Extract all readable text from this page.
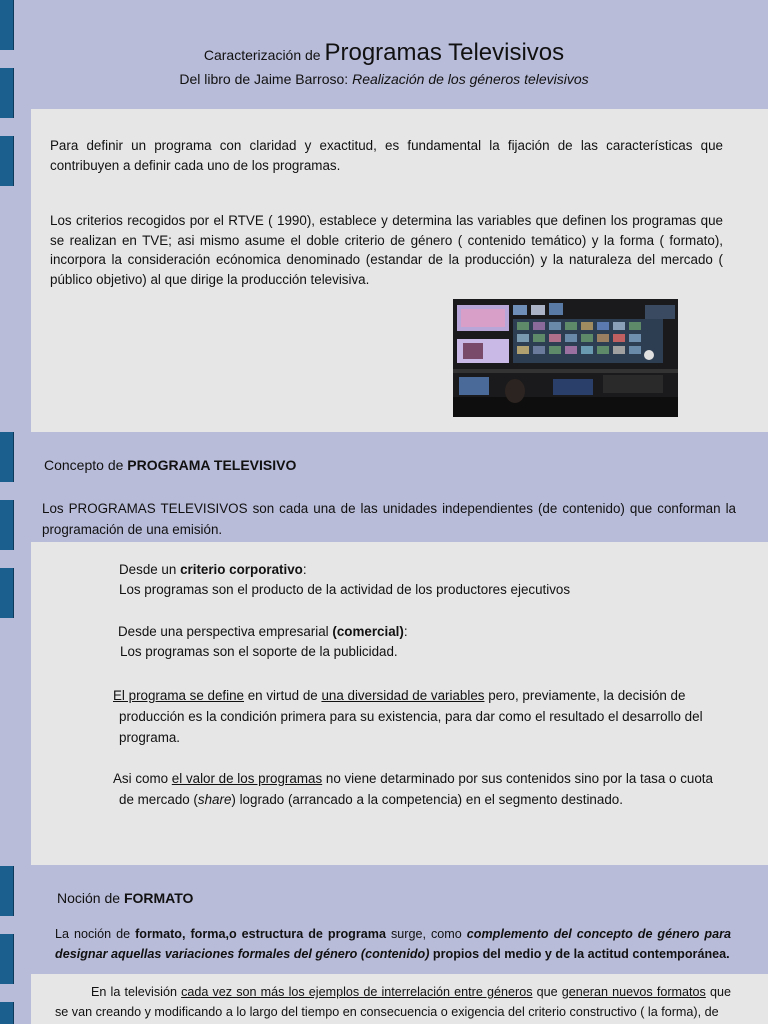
Caracterización de Programas Televisivos
Del libro de Jaime Barroso: Realización de los géneros televisivos
Para definir un programa con claridad y exactitud, es fundamental la fijación de las características que contribuyen a definir cada uno de los programas.
Los criterios recogidos por el RTVE ( 1990), establece y determina las variables que definen los programas que se realizan en TVE; asi mismo asume el doble criterio de género ( contenido temático) y la forma ( formato), incorpora la consideración ecónomica denominado (estandar de la producción) y la naturaleza del mercado ( público objetivo) al que dirige la producción televisiva.
Concepto de PROGRAMA TELEVISIVO
Los PROGRAMAS TELEVISIVOS son cada una de las unidades independientes (de contenido) que conforman la programación de una emisión.
Desde un criterio corporativo:
Los programas son el producto de la actividad de los productores ejecutivos
Desde una perspectiva empresarial (comercial):
Los programas son el soporte de la publicidad.
El programa se define en virtud de una diversidad de variables pero, previamente, la decisión de
producción es la condición primera para su existencia, para dar como el resultado el desarrollo del
programa.
Asi como el valor de los programas no viene detarminado por sus contenidos sino por la tasa o cuota
de mercado (share) logrado (arrancado a la competencia) en el segmento destinado.
Noción de FORMATO
La noción de formato, forma,o estructura de programa surge, como complemento del concepto de género para
designar aquellas variaciones formales del género (contenido) propios del medio y de la actitud contemporánea.
En la televisión cada vez son más los ejemplos de interrelación entre géneros que generan nuevos formatos que
se van creando y modificando a lo largo del tiempo en consecuencia o exigencia del criterio constructivo ( la forma), de
